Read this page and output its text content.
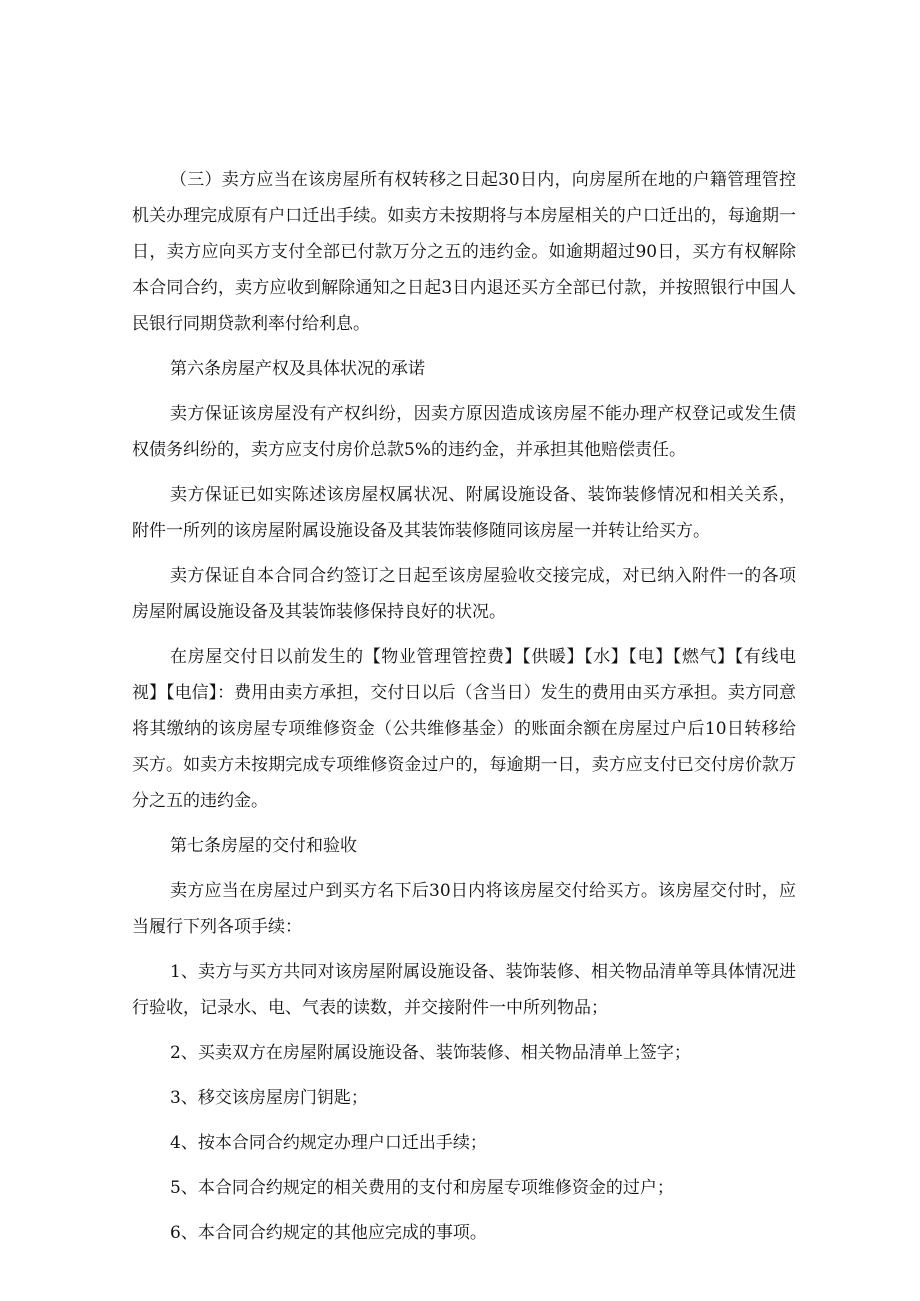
（三）卖方应当在该房屋所有权转移之日起30日内，向房屋所在地的户籍管理管控机关办理完成原有户口迁出手续。如卖方未按期将与本房屋相关的户口迁出的，每逾期一日，卖方应向买方支付全部已付款万分之五的违约金。如逾期超过90日，买方有权解除本合同合约，卖方应收到解除通知之日起3日内退还买方全部已付款，并按照银行中国人民银行同期贷款利率付给利息。

第六条房屋产权及具体状况的承诺

卖方保证该房屋没有产权纠纷，因卖方原因造成该房屋不能办理产权登记或发生债权债务纠纷的，卖方应支付房价总款5%的违约金，并承担其他赔偿责任。

卖方保证已如实陈述该房屋权属状况、附属设施设备、装饰装修情况和相关关系，附件一所列的该房屋附属设施设备及其装饰装修随同该房屋一并转让给买方。

卖方保证自本合同合约签订之日起至该房屋验收交接完成，对已纳入附件一的各项房屋附属设施设备及其装饰装修保持良好的状况。

在房屋交付日以前发生的【物业管理管控费】【供暖】【水】【电】【燃气】【有线电视】【电信】：费用由卖方承担，交付日以后（含当日）发生的费用由买方承担。卖方同意将其缴纳的该房屋专项维修资金（公共维修基金）的账面余额在房屋过户后10日转移给买方。如卖方未按期完成专项维修资金过户的，每逾期一日，卖方应支付已交付房价款万分之五的违约金。

第七条房屋的交付和验收

卖方应当在房屋过户到买方名下后30日内将该房屋交付给买方。该房屋交付时，应当履行下列各项手续：

1、卖方与买方共同对该房屋附属设施设备、装饰装修、相关物品清单等具体情况进行验收，记录水、电、气表的读数，并交接附件一中所列物品；

2、买卖双方在房屋附属设施设备、装饰装修、相关物品清单上签字；

3、移交该房屋房门钥匙；

4、按本合同合约规定办理户口迁出手续；

5、本合同合约规定的相关费用的支付和房屋专项维修资金的过户；

6、本合同合约规定的其他应完成的事项。
